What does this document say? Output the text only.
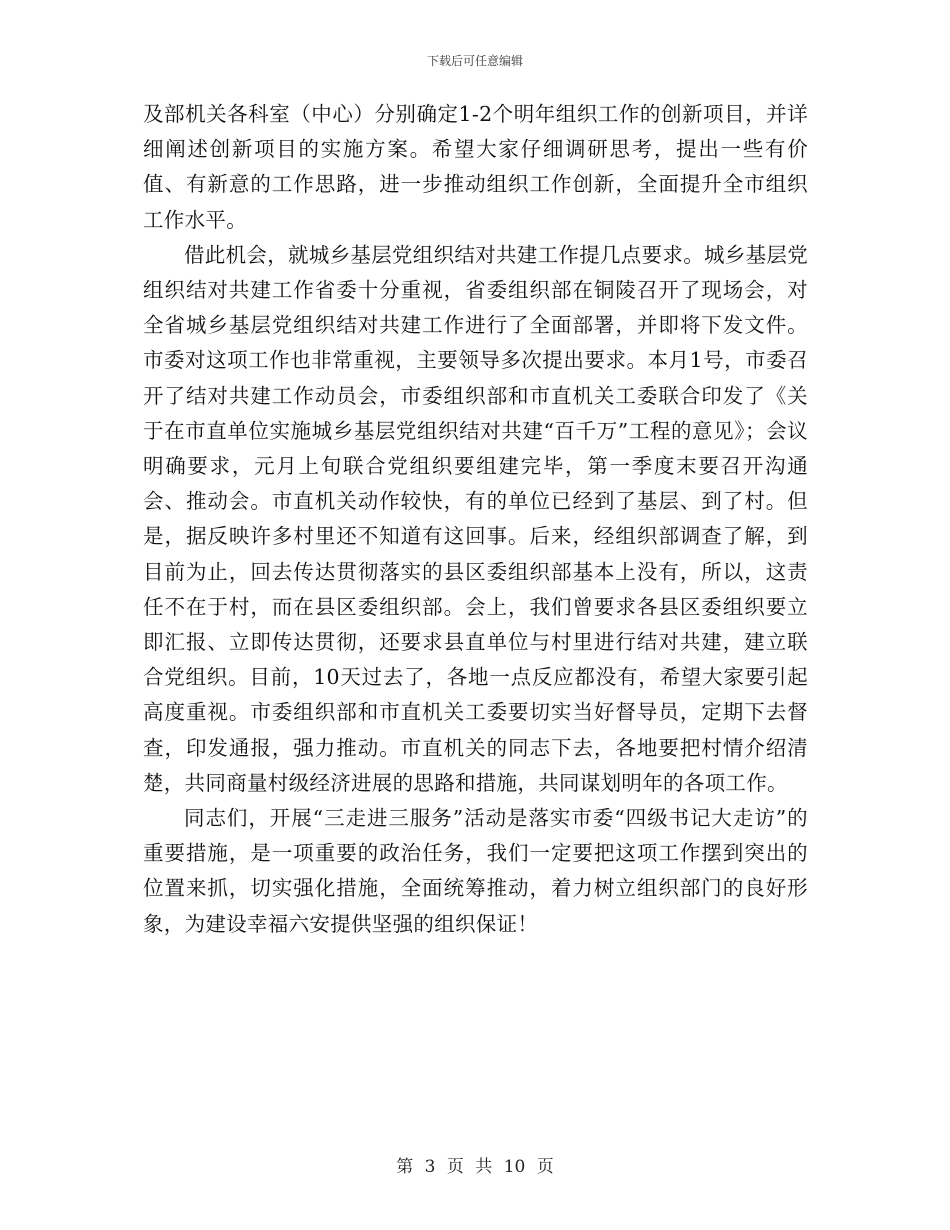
下载后可任意编辑

及部机关各科室（中心）分别确定1-2个明年组织工作的创新项目，并详细阐述创新项目的实施方案。希望大家仔细调研思考，提出一些有价值、有新意的工作思路，进一步推动组织工作创新，全面提升全市组织工作水平。

借此机会，就城乡基层党组织结对共建工作提几点要求。城乡基层党组织结对共建工作省委十分重视，省委组织部在铜陵召开了现场会，对全省城乡基层党组织结对共建工作进行了全面部署，并即将下发文件。市委对这项工作也非常重视，主要领导多次提出要求。本月1号，市委召开了结对共建工作动员会，市委组织部和市直机关工委联合印发了《关于在市直单位实施城乡基层党组织结对共建“百千万”工程的意见》；会议明确要求，元月上旬联合党组织要组建完毕，第一季度末要召开沟通会、推动会。市直机关动作较快，有的单位已经到了基层、到了村。但是，据反映许多村里还不知道有这回事。后来，经组织部调查了解，到目前为止，回去传达贯彻落实的县区委组织部基本上没有，所以，这责任不在于村，而在县区委组织部。会上，我们曾要求各县区委组织要立即汇报、立即传达贯彻，还要求县直单位与村里进行结对共建，建立联合党组织。目前，10天过去了，各地一点反应都没有，希望大家要引起高度重视。市委组织部和市直机关工委要切实当好督导员，定期下去督查，印发通报，强力推动。市直机关的同志下去，各地要把村情介绍清楚，共同商量村级经济进展的思路和措施，共同谋划明年的各项工作。

同志们，开展“三走进三服务”活动是落实市委“四级书记大走访”的重要措施，是一项重要的政治任务，我们一定要把这项工作摆到突出的位置来抓，切实强化措施，全面统筹推动，着力树立组织部门的良好形象，为建设幸福六安提供坚强的组织保证！

第 3 页 共 10 页
